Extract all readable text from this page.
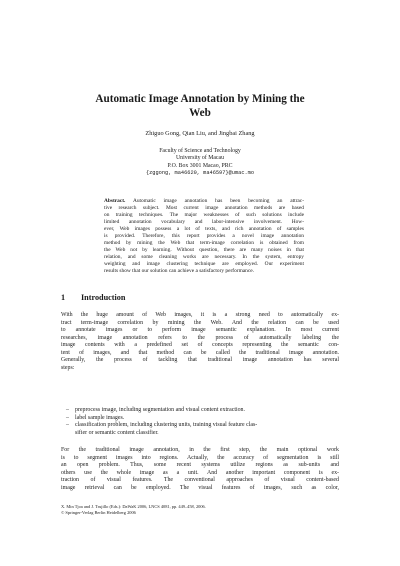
Automatic Image Annotation by Mining the
Web
Zhiguo Gong, Qian Liu, and Jingbai Zhang
Faculty of Science and Technology
University of Macau
P.O. Box 3001 Macao, PRC
{zggong, ma46620, ma46597}@umac.mo
Abstract. Automatic image annotation has been becoming an attrac-
tive research subject. Most current image annotation methods are based
on training techniques. The major weaknesses of such solutions include
limited annotation vocabulary and labor-intensive involvement. How-
ever, Web images possess a lot of texts, and rich annotation of samples
is provided. Therefore, this report provides a novel image annotation
method by mining the Web that term-image correlation is obtained from
the Web not by learning. Without question, there are many noises in that
relation, and some cleaning works are necessary. In the system, entropy
weighting and image clustering technique are employed. Our experiment
results show that our solution can achieve a satisfactory performance.
1 Introduction
With the huge amount of Web images, it is a strong need to automatically ex-
tract term-image correlation by mining the Web. And the relation can be used
to annotate images or to perform image semantic explanation. In most current
researches, image annotation refers to the process of automatically labeling the
image contents with a predefined set of concepts representing the semantic con-
tent of images, and that method can be called the traditional image annotation.
Generally, the process of tackling that traditional image annotation has several
steps:
– preprocess image, including segmentation and visual content extraction.
– label sample images.
– classification problem, including clustering units, training visual feature clas-
sifier or semantic content classifier.
For the traditional image annotation, in the first step, the main optional work
is to segment images into regions. Actually, the accuracy of segmentation is still
an open problem. Thus, some recent systems utilize regions as sub-units and
others use the whole image as a unit. And another important component is ex-
traction of visual features. The conventional approaches of visual content-based
image retrieval can be employed. The visual features of images, such as color,
X. Min Tjoa and J. Trujillo (Eds.): DaWaK 2006, LNCS 4081, pp. 449–458, 2006.
© Springer-Verlag Berlin Heidelberg 2006
